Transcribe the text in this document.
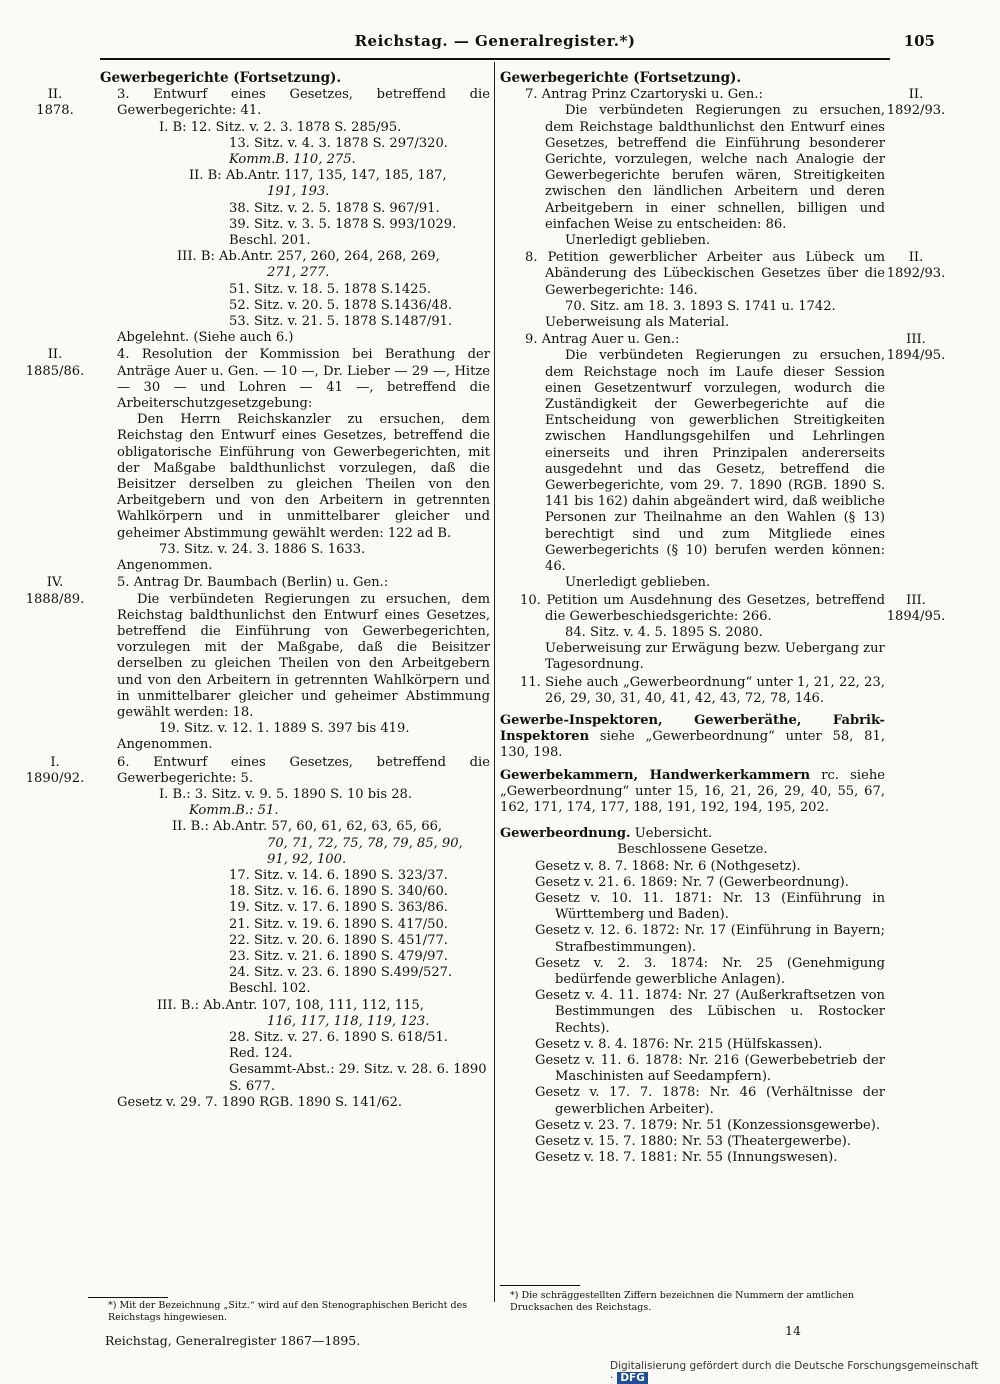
Reichstag. — Generalregister.*)	105
Gewerbegerichte (Fortsetzung).
II.
1878.
3. Entwurf eines Gesetzes, betreffend die Gewerbegerichte: 41.
I. B: 12. Sitz. v. 2. 3. 1878 S. 285/95.
13. Sitz. v. 4. 3. 1878 S. 297/320.
Komm.B. 110, 275.
II. B: Ab.Antr. 117, 135, 147, 185, 187,
191, 193.
38. Sitz. v. 2. 5. 1878 S. 967/91.
39. Sitz. v. 3. 5. 1878 S. 993/1029.
Beschl. 201.
III. B: Ab.Antr. 257, 260, 264, 268, 269,
271, 277.
51. Sitz. v. 18. 5. 1878 S.1425.
52. Sitz. v. 20. 5. 1878 S.1436/48.
53. Sitz. v. 21. 5. 1878 S.1487/91.
Abgelehnt. (Siehe auch 6.)
II.
1885/86.
4. Resolution der Kommission bei Berathung der Anträge Auer u. Gen. — 10 —, Dr. Lieber — 29 —, Hitze — 30 — und Lohren — 41 —, betreffend die Arbeiterschutzgesetzgebung:
Den Herrn Reichskanzler zu ersuchen, dem Reichstag den Entwurf eines Gesetzes, betreffend die obligatorische Einführung von Gewerbegerichten, mit der Maßgabe baldthunlichst vorzulegen, daß die Beisitzer derselben zu gleichen Theilen von den Arbeitgebern und von den Arbeitern in getrennten Wahlkörpern und in unmittelbarer gleicher und geheimer Abstimmung gewählt werden: 122 ad B.
73. Sitz. v. 24. 3. 1886 S. 1633.
Angenommen.
IV.
1888/89.
5. Antrag Dr. Baumbach (Berlin) u. Gen.:
Die verbündeten Regierungen zu ersuchen, dem Reichstag baldthunlichst den Entwurf eines Gesetzes, betreffend die Einführung von Gewerbegerichten, vorzulegen mit der Maßgabe, daß die Beisitzer derselben zu gleichen Theilen von den Arbeitgebern und von den Arbeitern in getrennten Wahlkörpern und in unmittelbarer gleicher und geheimer Abstimmung gewählt werden: 18.
19. Sitz. v. 12. 1. 1889 S. 397 bis 419.
Angenommen.
I.
1890/92.
6. Entwurf eines Gesetzes, betreffend die Gewerbegerichte: 5.
I. B.: 3. Sitz. v. 9. 5. 1890 S. 10 bis 28.
Komm.B.: 51.
II. B.: Ab.Antr. 57, 60, 61, 62, 63, 65, 66,
70, 71, 72, 75, 78, 79, 85, 90,
91, 92, 100.
17. Sitz. v. 14. 6. 1890 S. 323/37.
18. Sitz. v. 16. 6. 1890 S. 340/60.
19. Sitz. v. 17. 6. 1890 S. 363/86.
21. Sitz. v. 19. 6. 1890 S. 417/50.
22. Sitz. v. 20. 6. 1890 S. 451/77.
23. Sitz. v. 21. 6. 1890 S. 479/97.
24. Sitz. v. 23. 6. 1890 S.499/527.
Beschl. 102.
III. B.: Ab.Antr. 107, 108, 111, 112, 115,
116, 117, 118, 119, 123.
28. Sitz. v. 27. 6. 1890 S. 618/51.
Red. 124.
Gesammt-Abst.: 29. Sitz. v. 28. 6. 1890
S. 677.
Gesetz v. 29. 7. 1890 RGB. 1890 S. 141/62.
*) Mit der Bezeichnung „Sitz.“ wird auf den Stenographischen Bericht des Reichstags hingewiesen.
Reichstag, Generalregister 1867—1895.
Gewerbegerichte (Fortsetzung).
II.
1892/93.
7. Antrag Prinz Czartoryski u. Gen.:
Die verbündeten Regierungen zu ersuchen, dem Reichstage baldthunlichst den Entwurf eines Gesetzes, betreffend die Einführung besonderer Gerichte, vorzulegen, welche nach Analogie der Gewerbegerichte berufen wären, Streitigkeiten zwischen den ländlichen Arbeitern und deren Arbeitgebern in einer schnellen, billigen und einfachen Weise zu entscheiden: 86.
Unerledigt geblieben.
II.
1892/93.
8. Petition gewerblicher Arbeiter aus Lübeck um Abänderung des Lübeckischen Gesetzes über die Gewerbegerichte: 146.
70. Sitz. am 18. 3. 1893 S. 1741 u. 1742.
Ueberweisung als Material.
III.
1894/95.
9. Antrag Auer u. Gen.:
Die verbündeten Regierungen zu ersuchen, dem Reichstage noch im Laufe dieser Session einen Gesetzentwurf vorzulegen, wodurch die Zuständigkeit der Gewerbegerichte auf die Entscheidung von gewerblichen Streitigkeiten zwischen Handlungsgehilfen und Lehrlingen einerseits und ihren Prinzipalen andererseits ausgedehnt und das Gesetz, betreffend die Gewerbegerichte, vom 29. 7. 1890 (RGB. 1890 S. 141 bis 162) dahin abgeändert wird, daß weibliche Personen zur Theilnahme an den Wahlen (§ 13) berechtigt sind und zum Mitgliede eines Gewerbegerichts (§ 10) berufen werden können: 46.
Unerledigt geblieben.
III.
1894/95.
10. Petition um Ausdehnung des Gesetzes, betreffend die Gewerbeschiedsgerichte: 266.
84. Sitz. v. 4. 5. 1895 S. 2080.
Ueberweisung zur Erwägung bezw. Uebergang zur Tagesordnung.
11. Siehe auch „Gewerbeordnung“ unter 1, 21, 22, 23, 26, 29, 30, 31, 40, 41, 42, 43, 72, 78, 146.
Gewerbe-Inspektoren, Gewerberäthe, Fabrik-Inspektoren siehe „Gewerbeordnung“ unter 58, 81, 130, 198.
Gewerbekammern, Handwerkerkammern rc. siehe „Gewerbeordnung“ unter 15, 16, 21, 26, 29, 40, 55, 67, 162, 171, 174, 177, 188, 191, 192, 194, 195, 202.
Gewerbeordnung. Uebersicht.
Beschlossene Gesetze.
Gesetz v. 8. 7. 1868: Nr. 6 (Nothgesetz).
Gesetz v. 21. 6. 1869: Nr. 7 (Gewerbeordnung).
Gesetz v. 10. 11. 1871: Nr. 13 (Einführung in Württemberg und Baden).
Gesetz v. 12. 6. 1872: Nr. 17 (Einführung in Bayern; Strafbestimmungen).
Gesetz v. 2. 3. 1874: Nr. 25 (Genehmigung bedürfende gewerbliche Anlagen).
Gesetz v. 4. 11. 1874: Nr. 27 (Außerkraftsetzen von Bestimmungen des Lübischen u. Rostocker Rechts).
Gesetz v. 8. 4. 1876: Nr. 215 (Hülfskassen).
Gesetz v. 11. 6. 1878: Nr. 216 (Gewerbebetrieb der Maschinisten auf Seedampfern).
Gesetz v. 17. 7. 1878: Nr. 46 (Verhältnisse der gewerblichen Arbeiter).
Gesetz v. 23. 7. 1879: Nr. 51 (Konzessionsgewerbe).
Gesetz v. 15. 7. 1880: Nr. 53 (Theatergewerbe).
Gesetz v. 18. 7. 1881: Nr. 55 (Innungswesen).
*) Die schräggestellten Ziffern bezeichnen die Nummern der amtlichen Drucksachen des Reichstags.
14
Digitalisierung gefördert durch die Deutsche Forschungsgemeinschaft · DFG
